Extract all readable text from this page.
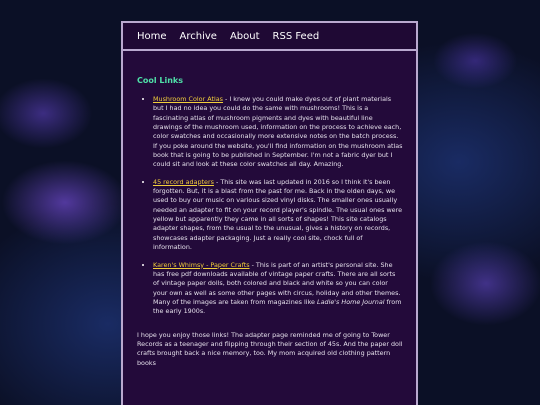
Home Archive About RSS Feed
Cool Links
• Mushroom Color Atlas - I knew you could make dyes out of plant materials but I had no idea you could do the same with mushrooms! This is a fascinating atlas of mushroom pigments and dyes with beautiful line drawings of the mushroom used, information on the process to achieve each, color swatches and occasionally more extensive notes on the batch process. If you poke around the website, you'll find information on the mushroom atlas book that is going to be published in September. I'm not a fabric dyer but I could sit and look at these color swatches all day. Amazing.
• 45 record adapters - This site was last updated in 2016 so I think it's been forgotten. But, it is a blast from the past for me. Back in the olden days, we used to buy our music on various sized vinyl disks. The smaller ones usually needed an adapter to fit on your record player's spindle. The usual ones were yellow but apparently they came in all sorts of shapes! This site catalogs adapter shapes, from the usual to the unusual, gives a history on records, showcases adapter packaging. Just a really cool site, chock full of information.
• Karen's Whimsy - Paper Crafts - This is part of an artist's personal site. She has free pdf downloads available of vintage paper crafts. There are all sorts of vintage paper dolls, both colored and black and white so you can color your own as well as some other pages with circus, holiday and other themes. Many of the images are taken from magazines like Ladie's Home Journal from the early 1900s.

I hope you enjoy those links! The adapter page reminded me of going to Tower Records as a teenager and flipping through their section of 45s. And the paper doll crafts brought back a nice memory, too. My mom acquired old clothing pattern books
